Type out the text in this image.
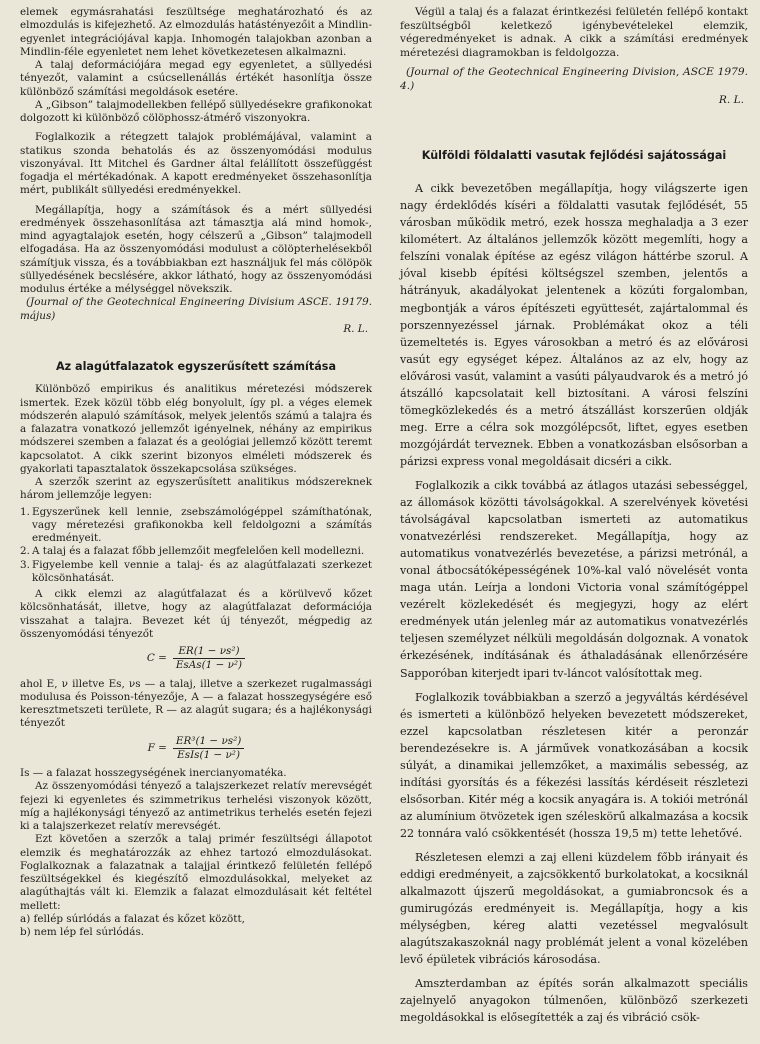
elemek egymásrahatási feszültsége meghatározható és az elmozdulás is kifejezhető. Az elmozdulás hatástényezőit a Mindlin-egyenlet integrációjával kapja. Inhomogén talajokban azonban a Mindlin-féle egyenletet nem lehet következetesen alkalmazni.

A talaj deformációjára megad egy egyenletet, a süllyedési tényezőt, valamint a csúcsellenállás értékét hasonlítja össze különböző számítási megoldások esetére.

A „Gibson” talajmodellekben fellépő süllyedésekre grafikonokat dolgozott ki különböző cölöphossz-átmérő viszonyokra.

Foglalkozik a rétegzett talajok problémájával, valamint a statikus szonda behatolás és az összenyomódási modulus viszonyával. Itt Mitchel és Gardner által felállított összefüggést fogadja el mértékadónak. A kapott eredményeket összehasonlítja mért, publikált süllyedési eredményekkel.

Megállapítja, hogy a számítások és a mért süllyedési eredmények összehasonlítása azt támasztja alá mind homok-, mind agyagtalajok esetén, hogy célszerű a „Gibson” talajmodell elfogadása. Ha az összenyomódási modulust a cölöpterhelésekből számítjuk vissza, és a továbbiakban ezt használjuk fel más cölöpök süllyedésének becslésére, akkor látható, hogy az összenyomódási modulus értéke a mélységgel növekszik.

(Journal of the Geotechnical Engineering Divisium ASCE. 19179. május)

R. L.

Az alagútfalazatok egyszerűsített számítása

Különböző empirikus és analitikus méretezési módszerek ismertek. Ezek közül több elég bonyolult, így pl. a véges elemek módszerén alapuló számítások, melyek jelentős számú a talajra és a falazatra vonatkozó jellemzőt igényelnek, néhány az empirikus módszerei szemben a falazat és a geológiai jellemző között teremt kapcsolatot. A cikk szerint bizonyos elméleti módszerek és gyakorlati tapasztalatok összekapcsolása szükséges.

A szerzők szerint az egyszerűsített analitikus módszereknek három jellemzője legyen:

1. Egyszerűnek kell lennie, zsebszámológéppel számíthatónak, vagy méretezési grafikonokba kell feldolgozni a számítás eredményeit.
2. A talaj és a falazat főbb jellemzőit megfelelően kell modellezni.
3. Figyelembe kell vennie a talaj- és az alagútfalazati szerkezet kölcsönhatását.

A cikk elemzi az alagútfalazat és a körülvevő kőzet kölcsönhatását, illetve, hogy az alagútfalazat deformációja visszahat a talajra. Bevezet két új tényezőt, mégpedig az összenyomódási tényezőt

$C = \frac{\text{ER(1 − νs²)}}{\text{EsAs(1 − ν²)}}$

ahol E, ν illetve Es, νs — a talaj, illetve a szerkezet rugalmassági modulusa és Poisson-tényezője, A — a falazat hosszegységére eső keresztmetszeti területe, R — az alagút sugara; és a hajlékonysági tényezőt

$F = \frac{\text{ER³(1 − νs²)}}{\text{EsIs(1 − ν²)}}$

Is — a falazat hosszegységének inercianyomatéka.

Az összenyomódási tényező a talajszerkezet relatív merevségét fejezi ki egyenletes és szimmetrikus terhelési viszonyok között, míg a hajlékonysági tényező az antimetrikus terhelés esetén fejezi ki a talajszerkezet relatív merevségét.

Ezt követően a szerzők a talaj primér feszültségi állapotot elemzik és meghatározzák az ehhez tartozó elmozdulásokat. Foglalkoznak a falazatnak a talajjal érintkező felületén fellépő feszültségekkel és kiegészítő elmozdulásokkal, melyeket az alagúthajtás vált ki. Elemzik a falazat elmozdulásait két feltétel mellett:

a) fellép súrlódás a falazat és kőzet között,

b) nem lép fel súrlódás.

Végül a talaj és a falazat érintkezési felületén fellépő kontakt feszültségből keletkező igénybevételekel elemzik, végeredményeket is adnak. A cikk a számítási eredmények méretezési diagramokban is feldolgozza.

(Journal of the Geotechnical Engineering Division, ASCE 1979. 4.)

R. L.

Külföldi földalatti vasutak fejlődési sajátosságai

A cikk bevezetőben megállapítja, hogy világszerte igen nagy érdeklődés kíséri a földalatti vasutak fejlődését, 55 városban működik metró, ezek hossza meghaladja a 3 ezer kilométert. Az általános jellemzők között megemlíti, hogy a felszíni vonalak építése az egész világon háttérbe szorul. A jóval kisebb építési költségszel szemben, jelentős a hátrányuk, akadályokat jelentenek a közúti forgalomban, megbontják a város építészeti együttesét, zajártalommal és porszennyezéssel járnak. Problémákat okoz a téli üzemeltetés is. Egyes városokban a metró és az elővárosi vasút egy egységet képez. Általános az az elv, hogy az elővárosi vasút, valamint a vasúti pályaudvarok és a metró jó átszálló kapcsolatait kell biztosítani. A városi felszíni tömegközlekedés és a metró átszállást korszerűen oldják meg. Erre a célra sok mozgólépcsőt, liftet, egyes esetben mozgójárdát terveznek. Ebben a vonatkozásban elsősorban a párizsi express vonal megoldásait dicséri a cikk.

Foglalkozik a cikk továbbá az átlagos utazási sebességgel, az állomások közötti távolságokkal. A szerelvények követési távolságával kapcsolatban ismerteti az automatikus vonatvezérlési rendszereket. Megállapítja, hogy az automatikus vonatvezérlés bevezetése, a párizsi metrónál, a vonal átbocsátóképességének 10%-kal való növelését vonta maga után. Leírja a londoni Victoria vonal számítógéppel vezérelt közlekedését és megjegyzi, hogy az elért eredmények után jelenleg már az automatikus vonatvezérlés teljesen személyzet nélküli megoldásán dolgoznak. A vonatok érkezésének, indításának és áthaladásának ellenőrzésére Sapporóban kiterjedt ipari tv-láncot valósítottak meg.

Foglalkozik továbbiakban a szerző a jegyváltás kérdésével és ismerteti a különböző helyeken bevezetett módszereket, ezzel kapcsolatban részletesen kitér a peronzár berendezésekre is. A járművek vonatkozásában a kocsik súlyát, a dinamikai jellemzőket, a maximális sebesség, az indítási gyorsítás és a fékezési lassítás kérdéseit részletezi elsősorban. Kitér még a kocsik anyagára is. A tokiói metrónál az alumínium ötvözetek igen széleskörű alkalmazása a kocsik 22 tonnára való csökkentését (hossza 19,5 m) tette lehetővé.

Részletesen elemzi a zaj elleni küzdelem főbb irányait és eddigi eredményeit, a zajcsökkentő burkolatokat, a kocsiknál alkalmazott újszerű megoldásokat, a gumiabroncsok és a gumirugózás eredményeit is. Megállapítja, hogy a kis mélységben, kéreg alatti vezetéssel megvalósult alagútszakaszoknál nagy problémát jelent a vonal közelében levő épületek vibrációs károsodása.

Amszterdamban az építés során alkalmazott speciális zajelnyelő anyagokon túlmenően, különböző szerkezeti megoldásokkal is elősegítették a zaj és vibráció csök-
